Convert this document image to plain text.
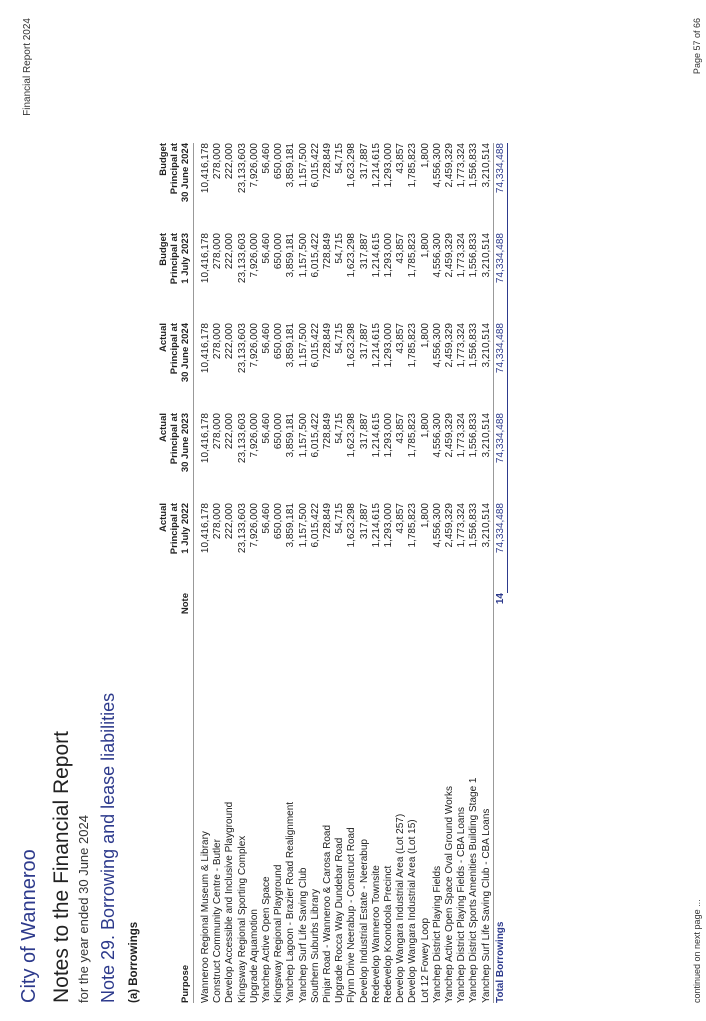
City of Wanneroo
Financial Report 2024
Notes to the Financial Report for the year ended 30 June 2024 Note 29. Borrowing and lease liabilities (a) Borrowings	Purpose	Note	Actual
Principal at
1 July 2022	Actual
Principal at
30 June 2023	Actual
Principal at
30 June 2024	Budget
Principal at
1 July 2023	Budget
Principal at
30 June 2024
Wanneroo Regional Museum & Library		10,416,178	10,416,178	10,416,178	10,416,178	10,416,178
Construct Community Centre - Butler		278,000	278,000	278,000	278,000	278,000
Develop Accessible and Inclusive Playground		222,000	222,000	222,000	222,000	222,000
Kingsway Regional Sporting Complex		23,133,603	23,133,603	23,133,603	23,133,603	23,133,603
Upgrade Aquamotion		7,926,000	7,926,000	7,926,000	7,926,000	7,926,000
Yanchep Active Open Space		56,460	56,460	56,460	56,460	56,460
Kingsway Regional Playground		650,000	650,000	650,000	650,000	650,000
Yanchep Lagoon - Brazier Road Realignment		3,859,181	3,859,181	3,859,181	3,859,181	3,859,181
Yanchep Surf Life Saving Club		1,157,500	1,157,500	1,157,500	1,157,500	1,157,500
Southern Suburbs Library		6,015,422	6,015,422	6,015,422	6,015,422	6,015,422
Pinjar Road - Wanneroo & Carosa Road		728,849	728,849	728,849	728,849	728,849
Upgrade Rocca Way Dundebar Road		54,715	54,715	54,715	54,715	54,715
Flynn Drive Neerabup - Construct Road		1,623,298	1,623,298	1,623,298	1,623,298	1,623,298
Develop Industrial Estate - Neerabup		317,887	317,887	317,887	317,887	317,887
Redevelop Wanneroo Townsite		1,214,615	1,214,615	1,214,615	1,214,615	1,214,615
Redevelop Koondoola Precinct		1,293,000	1,293,000	1,293,000	1,293,000	1,293,000
Develop Wangara Industrial Area (Lot 257)		43,857	43,857	43,857	43,857	43,857
Develop Wangara Industrial Area (Lot 15)		1,785,823	1,785,823	1,785,823	1,785,823	1,785,823
Lot 12 Fowey Loop		1,800	1,800	1,800	1,800	1,800
Yanchep District Playing Fields		4,556,300	4,556,300	4,556,300	4,556,300	4,556,300
Yanchep Active Open Space Oval Ground Works		2,459,329	2,459,329	2,459,329	2,459,329	2,459,329
Yanchep District Playing Fields - CBA Loans		1,773,324	1,773,324	1,773,324	1,773,324	1,773,324
Yanchep District Sports Amenities Building Stage 1		1,556,833	1,556,833	1,556,833	1,556,833	1,556,833
Yanchep Surf Life Saving Club - CBA Loans		3,210,514	3,210,514	3,210,514	3,210,514	3,210,514
Total Borrowings	14	74,334,488	74,334,488	74,334,488	74,334,488	74,334,488
continued on next page ...
Page 57 of 66
